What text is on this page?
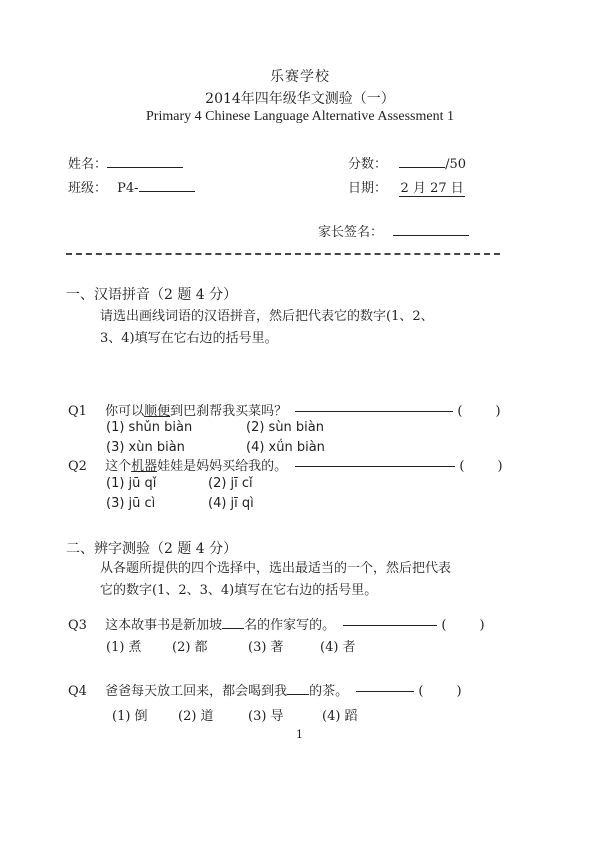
乐赛学校
2014年四年级华文测验（一）
Primary 4 Chinese Language Alternative Assessment 1
姓名：
班级： P4-
分数：	/50
日期： 2 月 27 日
家长签名：
一、汉语拼音（2 题 4 分）
请选出画线词语的汉语拼音，然后把代表它的数字(1、2、
3、4)填写在它右边的括号里。
Q1 你可以顺便到巴刹帮我买菜吗？	(        )
(1) shǔn biàn	(2) sùn biàn
(3) xùn biàn	(4) xǘn biàn
Q2 这个机器娃娃是妈妈买给我的。	(        )
(1) jū qǐ	(2) jī cǐ
(3) jū cì	(4) jī qì
二、辨字测验（2 题 4 分）
从各题所提供的四个选择中，选出最适当的一个，然后把代表
它的数字(1、2、3、4)填写在它右边的括号里。
Q3 这本故事书是新加坡 名的作家写的。	(        )
(1) 煮 (2) 都	(3) 著	(4) 者
Q4 爸爸每天放工回来，都会喝到我 的茶。	(        )
(1) 倒 (2) 道	(3) 导	(4) 蹈
1
